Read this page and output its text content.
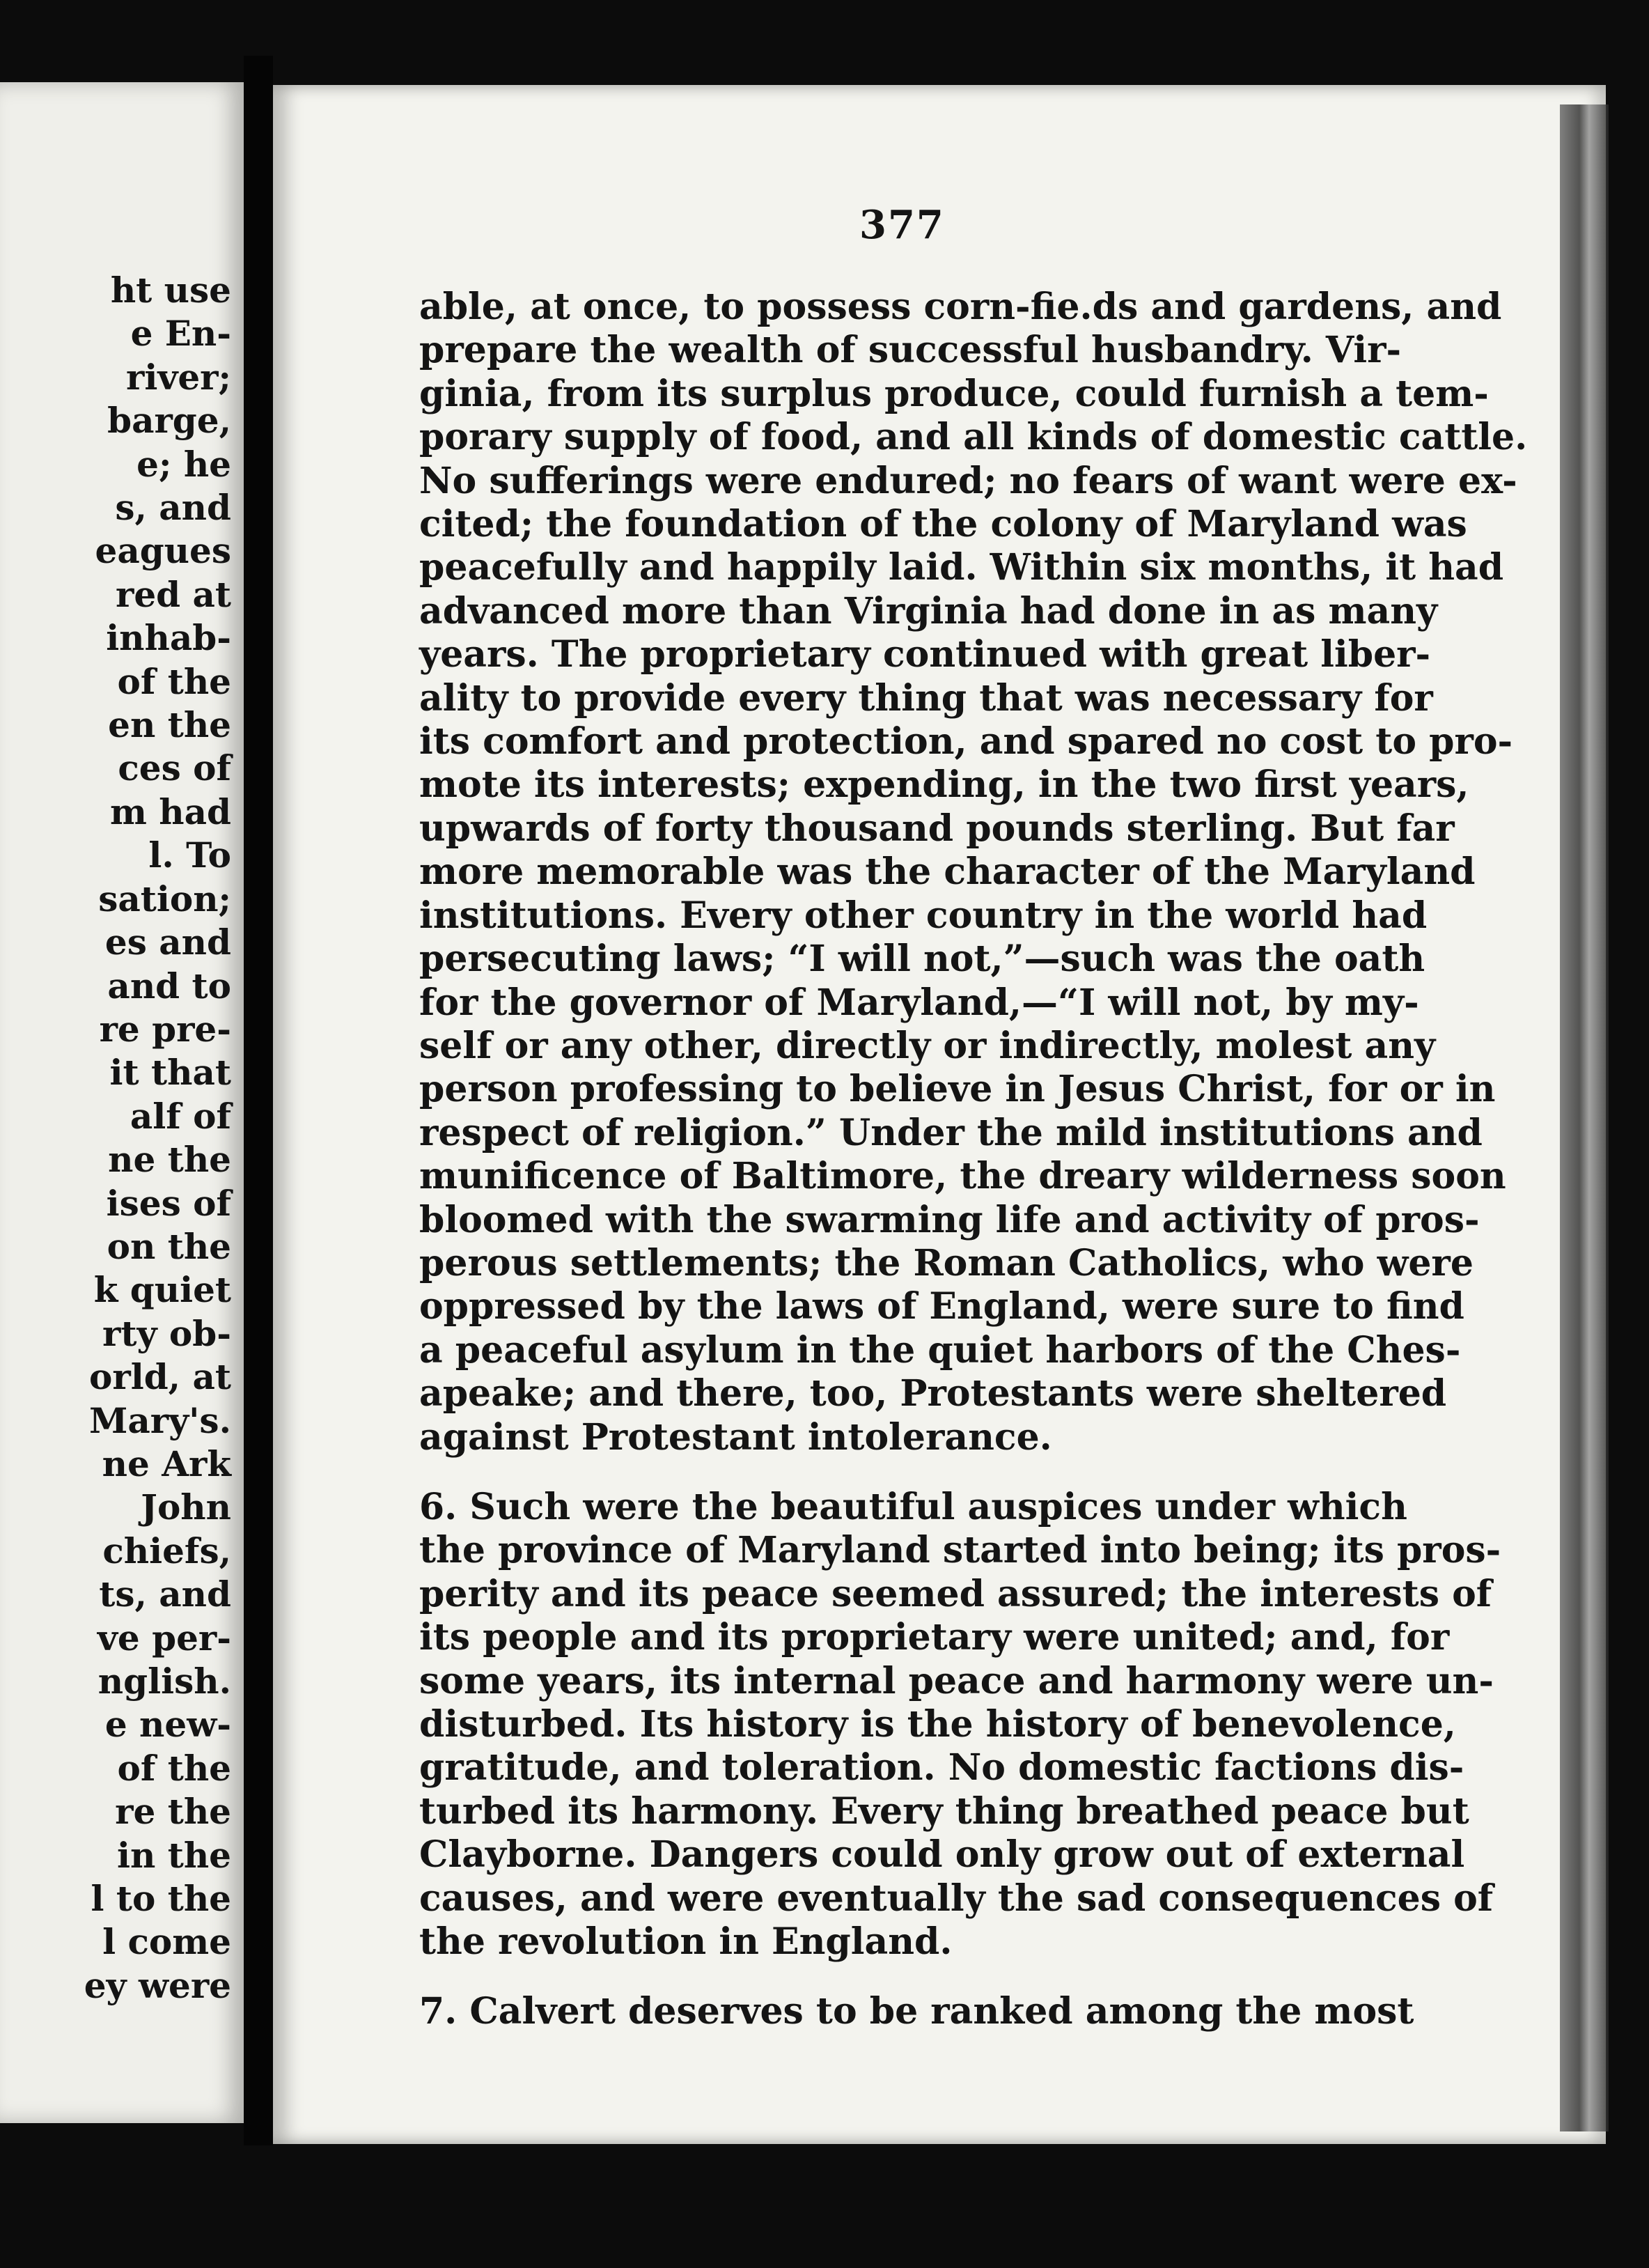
ht use
e En-
river;
barge,
e; he
s, and
eagues
red at
inhab-
of the
en the
ces of
m had
l. To
sation;
es and
and to
re pre-
it that
alf of
ne the
ises of
on the
k quiet
rty ob-
orld, at
Mary's.
ne Ark
John
chiefs,
ts, and
ve per-
nglish.
e new-
of the
re the
in the
l to the
l come
ey were
377
able, at once, to possess corn-fie.ds and gardens, and
prepare the wealth of successful husbandry. Vir-
ginia, from its surplus produce, could furnish a tem-
porary supply of food, and all kinds of domestic cattle.
No sufferings were endured; no fears of want were ex-
cited; the foundation of the colony of Maryland was
peacefully and happily laid. Within six months, it had
advanced more than Virginia had done in as many
years. The proprietary continued with great liber-
ality to provide every thing that was necessary for
its comfort and protection, and spared no cost to pro-
mote its interests; expending, in the two first years,
upwards of forty thousand pounds sterling. But far
more memorable was the character of the Maryland
institutions. Every other country in the world had
persecuting laws; “I will not,”—such was the oath
for the governor of Maryland,—“I will not, by my-
self or any other, directly or indirectly, molest any
person professing to believe in Jesus Christ, for or in
respect of religion.” Under the mild institutions and
munificence of Baltimore, the dreary wilderness soon
bloomed with the swarming life and activity of pros-
perous settlements; the Roman Catholics, who were
oppressed by the laws of England, were sure to find
a peaceful asylum in the quiet harbors of the Ches-
apeake; and there, too, Protestants were sheltered
against Protestant intolerance.
6. Such were the beautiful auspices under which
the province of Maryland started into being; its pros-
perity and its peace seemed assured; the interests of
its people and its proprietary were united; and, for
some years, its internal peace and harmony were un-
disturbed. Its history is the history of benevolence,
gratitude, and toleration. No domestic factions dis-
turbed its harmony. Every thing breathed peace but
Clayborne. Dangers could only grow out of external
causes, and were eventually the sad consequences of
the revolution in England.
7. Calvert deserves to be ranked among the most
